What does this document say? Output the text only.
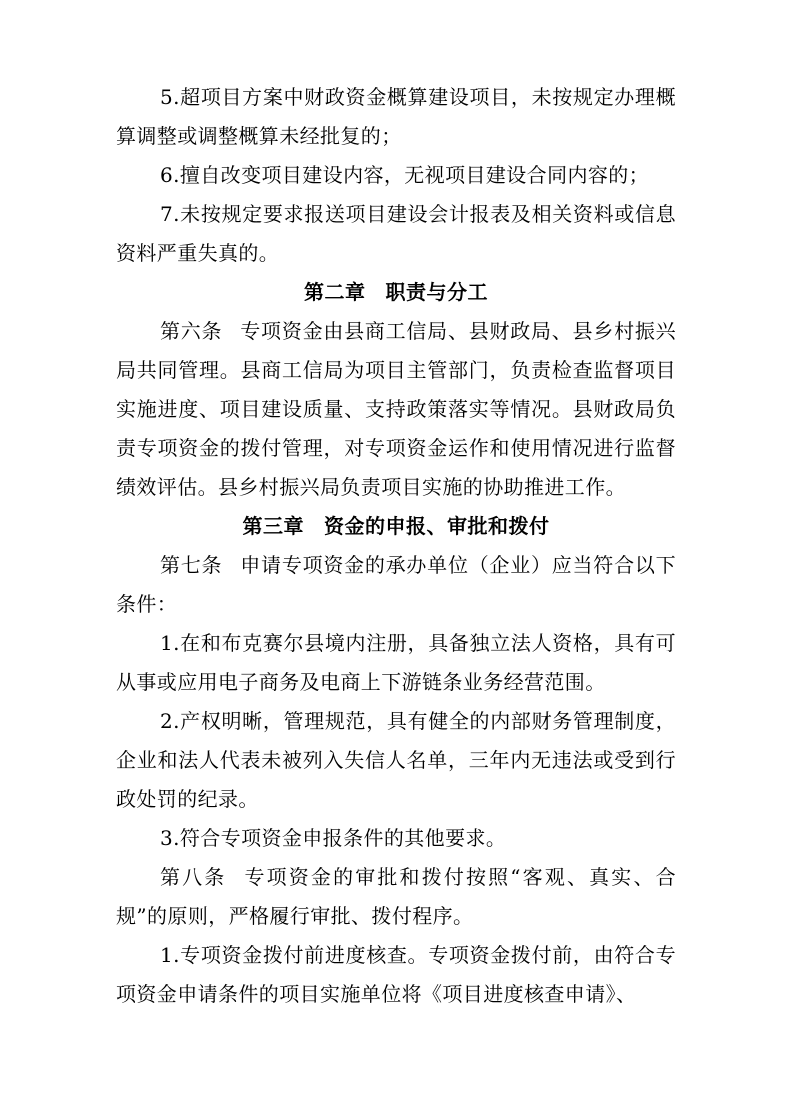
5.超项目方案中财政资金概算建设项目，未按规定办理概算调整或调整概算未经批复的；

6.擅自改变项目建设内容，无视项目建设合同内容的；

7.未按规定要求报送项目建设会计报表及相关资料或信息资料严重失真的。

第二章 职责与分工

第六条 专项资金由县商工信局、县财政局、县乡村振兴局共同管理。县商工信局为项目主管部门，负责检查监督项目实施进度、项目建设质量、支持政策落实等情况。县财政局负责专项资金的拨付管理，对专项资金运作和使用情况进行监督绩效评估。县乡村振兴局负责项目实施的协助推进工作。

第三章 资金的申报、审批和拨付

第七条 申请专项资金的承办单位（企业）应当符合以下条件：

1.在和布克赛尔县境内注册，具备独立法人资格，具有可从事或应用电子商务及电商上下游链条业务经营范围。

2.产权明晰，管理规范，具有健全的内部财务管理制度，企业和法人代表未被列入失信人名单，三年内无违法或受到行政处罚的纪录。

3.符合专项资金申报条件的其他要求。

第八条 专项资金的审批和拨付按照“客观、真实、合规”的原则，严格履行审批、拨付程序。

1.专项资金拨付前进度核查。专项资金拨付前，由符合专项资金申请条件的项目实施单位将《项目进度核查申请》、
